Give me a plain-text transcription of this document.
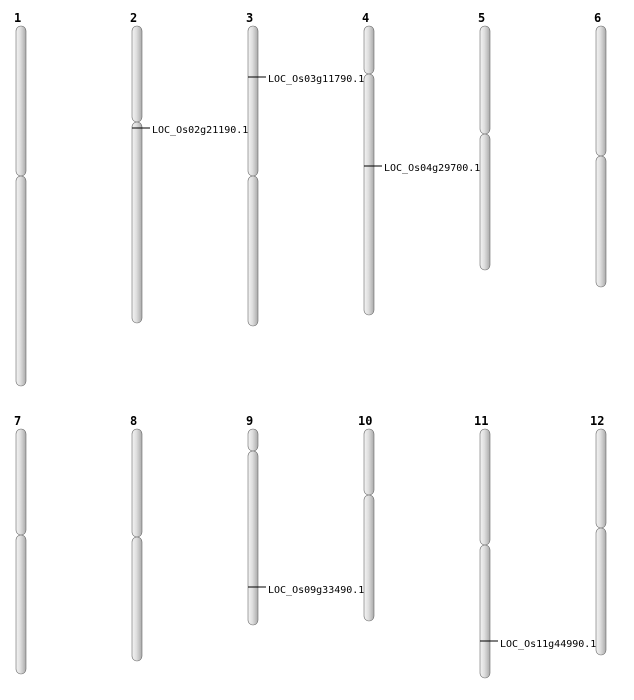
1	2
LOC_Os02g21190.1
3
LOC_Os03g11790.1
4
LOC_Os04g29700.1
5	6
7	8	9
LOC_Os09g33490.1
10	11
LOC_Os11g44990.1
12
